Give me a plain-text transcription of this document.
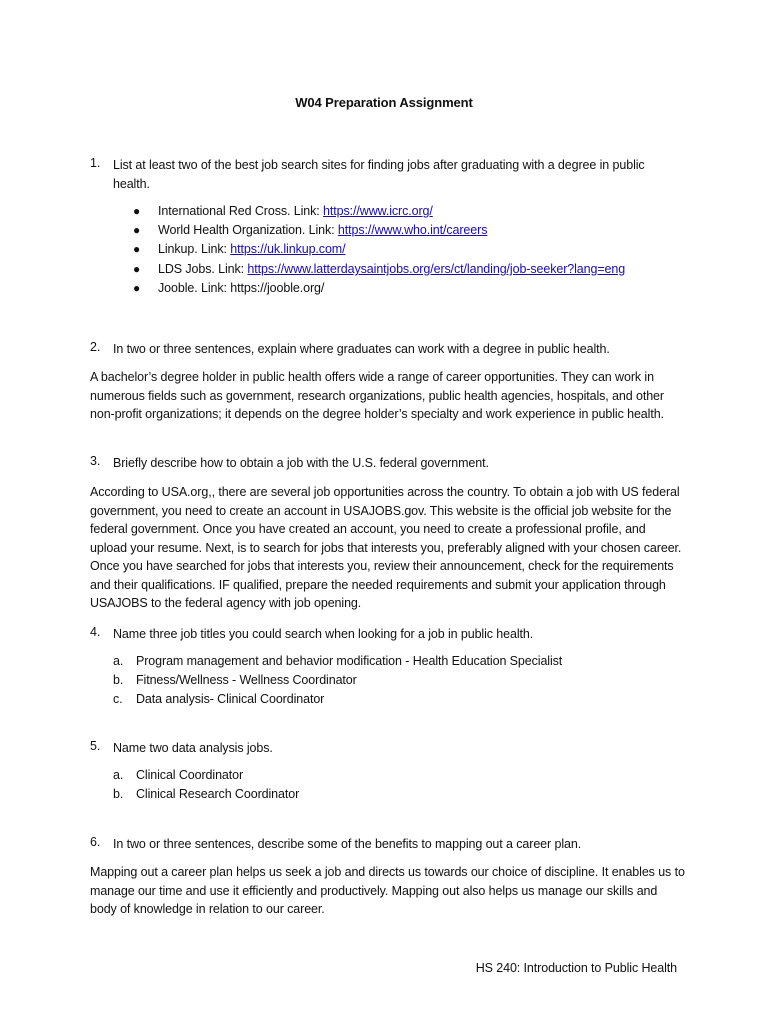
W04 Preparation Assignment
1.	List at least two of the best job search sites for finding jobs after graduating with a degree in public health.
● International Red Cross. Link: https://www.icrc.org/
● World Health Organization. Link: https://www.who.int/careers
● Linkup. Link: https://uk.linkup.com/
● LDS Jobs. Link: https://www.latterdaysaintjobs.org/ers/ct/landing/job-seeker?lang=eng
● Jooble. Link: https://jooble.org/
2.	In two or three sentences, explain where graduates can work with a degree in public health.
A bachelor’s degree holder in public health offers wide a range of career opportunities. They can work in numerous fields such as government, research organizations, public health agencies, hospitals, and other non-profit organizations; it depends on the degree holder’s specialty and work experience in public health.
3.	Briefly describe how to obtain a job with the U.S. federal government.
According to USA.org,, there are several job opportunities across the country. To obtain a job with US federal government, you need to create an account in USAJOBS.gov. This website is the official job website for the federal government. Once you have created an account, you need to create a professional profile, and upload your resume. Next, is to search for jobs that interests you, preferably aligned with your chosen career. Once you have searched for jobs that interests you, review their announcement, check for the requirements and their qualifications. IF qualified, prepare the needed requirements and submit your application through USAJOBS to the federal agency with job opening.
4.	Name three job titles you could search when looking for a job in public health.
a. Program management and behavior modification - Health Education Specialist
b. Fitness/Wellness - Wellness Coordinator
c. Data analysis- Clinical Coordinator
5.	Name two data analysis jobs.
a. Clinical Coordinator
b. Clinical Research Coordinator
6.	In two or three sentences, describe some of the benefits to mapping out a career plan.
Mapping out a career plan helps us seek a job and directs us towards our choice of discipline. It enables us to manage our time and use it efficiently and productively. Mapping out also helps us manage our skills and body of knowledge in relation to our career.
HS 240: Introduction to Public Health
